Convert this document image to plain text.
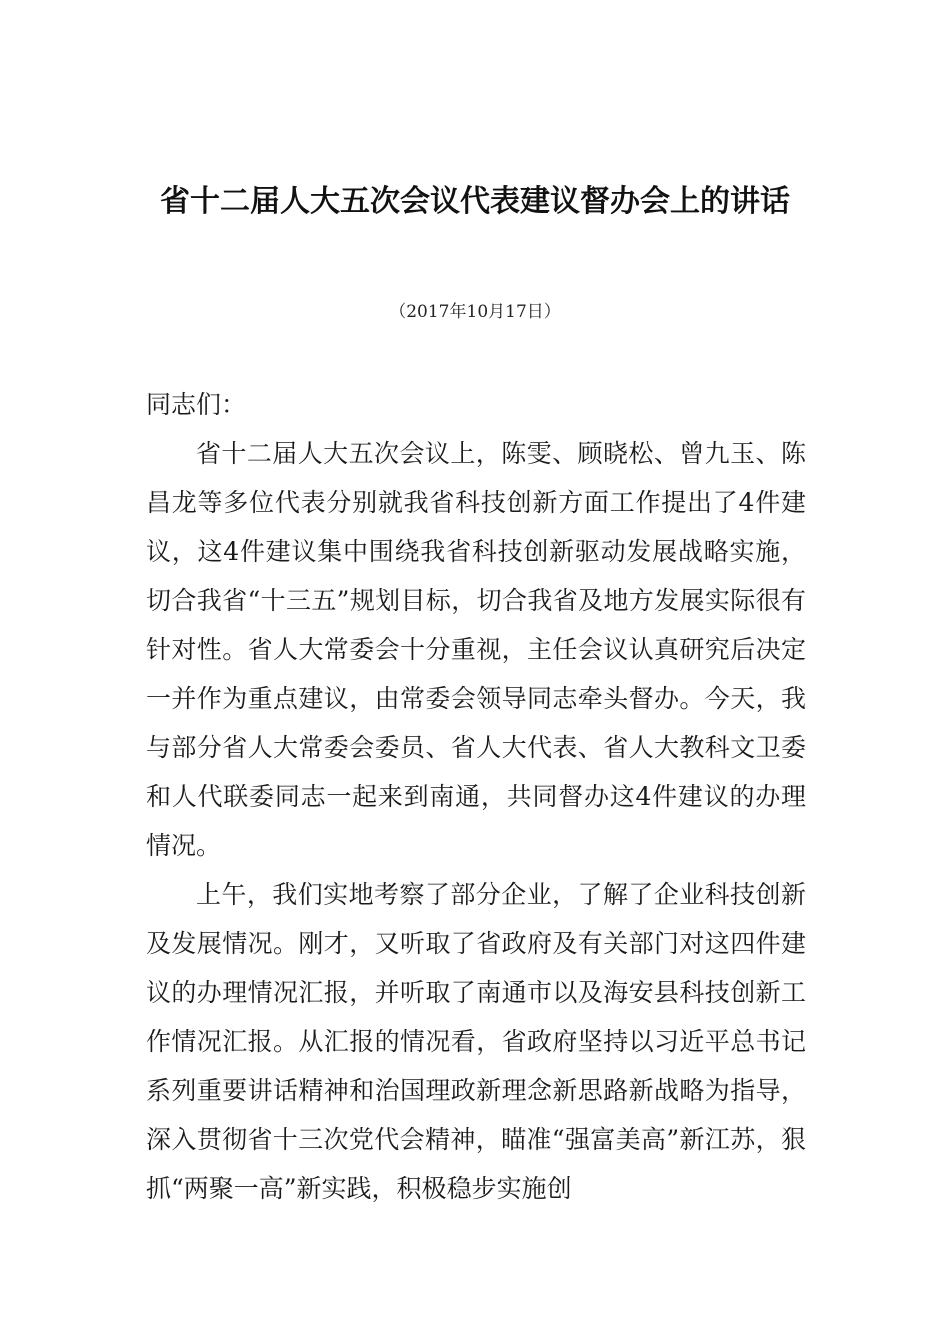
省十二届人大五次会议代表建议督办会上的讲话
（2017年10月17日）

同志们：

省十二届人大五次会议上，陈雯、顾晓松、曾九玉、陈昌龙等多位代表分别就我省科技创新方面工作提出了4件建议，这4件建议集中围绕我省科技创新驱动发展战略实施，切合我省“十三五”规划目标，切合我省及地方发展实际很有针对性。省人大常委会十分重视，主任会议认真研究后决定一并作为重点建议，由常委会领导同志牵头督办。今天，我与部分省人大常委会委员、省人大代表、省人大教科文卫委和人代联委同志一起来到南通，共同督办这4件建议的办理情况。

上午，我们实地考察了部分企业，了解了企业科技创新及发展情况。刚才，又听取了省政府及有关部门对这四件建议的办理情况汇报，并听取了南通市以及海安县科技创新工作情况汇报。从汇报的情况看，省政府坚持以习近平总书记系列重要讲话精神和治国理政新理念新思路新战略为指导，深入贯彻省十三次党代会精神，瞄准“强富美高”新江苏，狠抓“两聚一高”新实践，积极稳步实施创
